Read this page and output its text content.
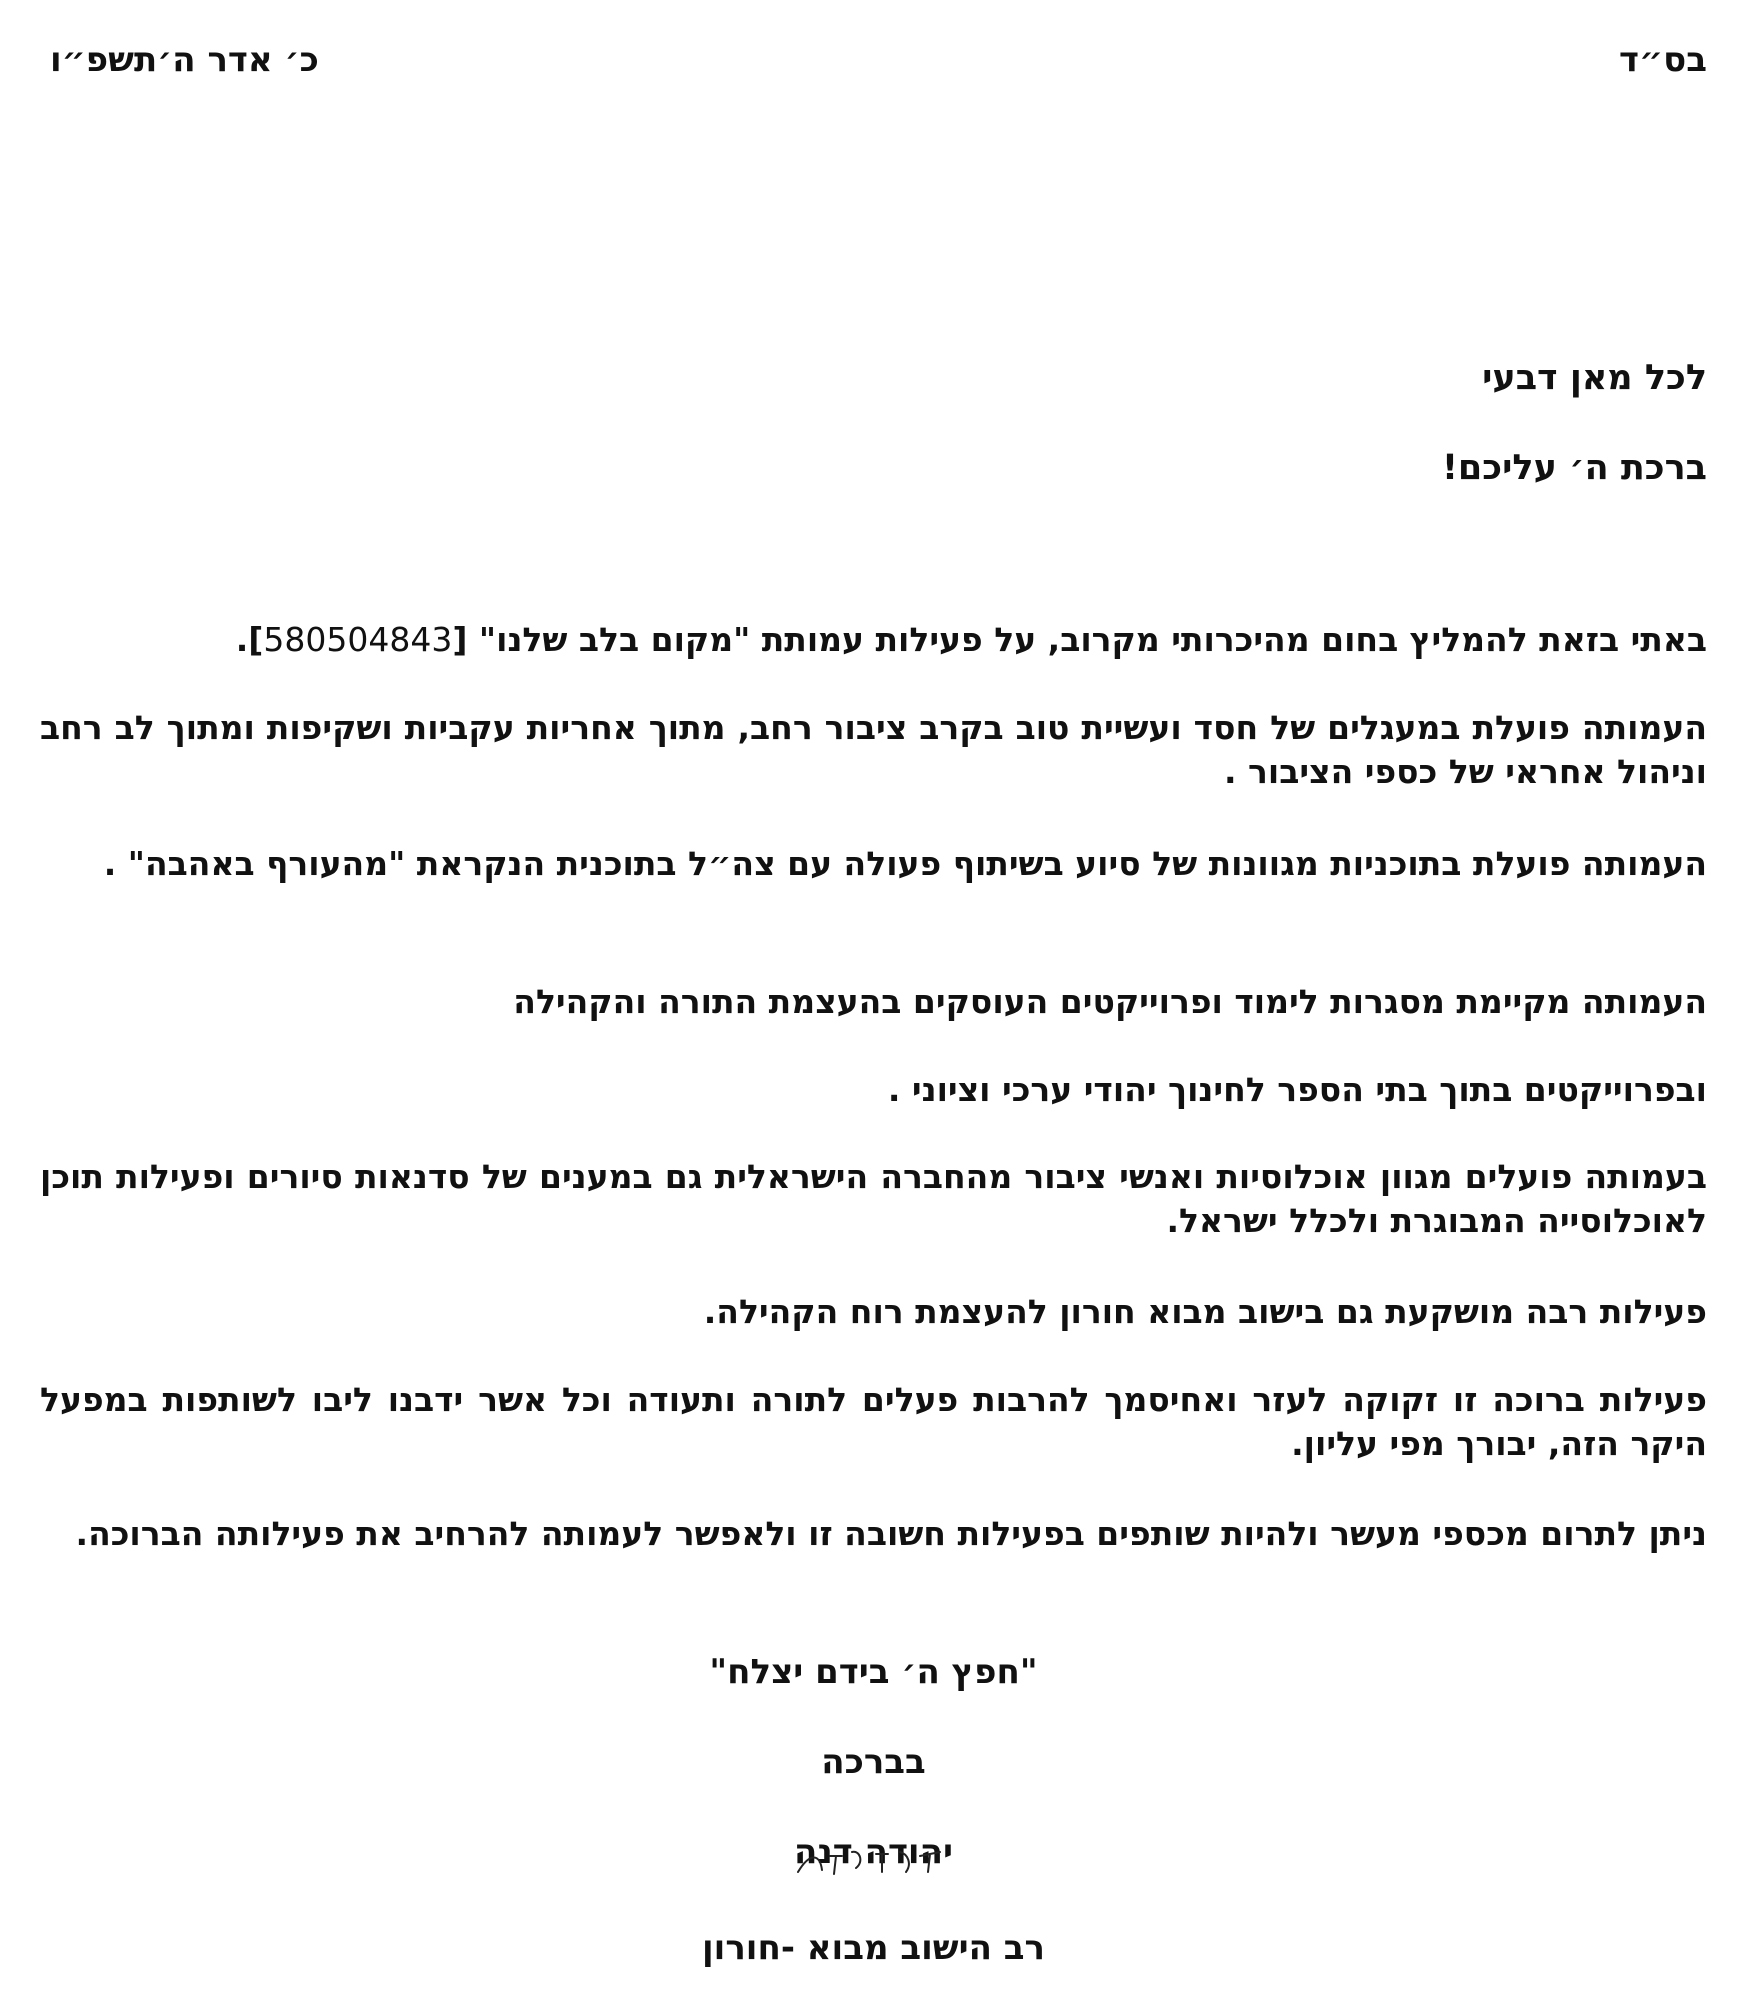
בס״ד
כ׳ אדר ה׳תשפ״ו
לכל מאן דבעי
ברכת ה׳ עליכם!
באתי בזאת להמליץ בחום מהיכרותי מקרוב, על פעילות עמותת "מקום בלב שלנו" [580504843].
העמותה פועלת במעגלים של חסד ועשיית טוב בקרב ציבור רחב, מתוך אחריות עקביות ושקיפות ומתוך לב רחב וניהול אחראי של כספי הציבור .
העמותה פועלת בתוכניות מגוונות של סיוע בשיתוף פעולה עם צה״ל בתוכנית הנקראת "מהעורף באהבה" .
העמותה מקיימת מסגרות לימוד ופרוייקטים העוסקים בהעצמת התורה והקהילה
ובפרוייקטים בתוך בתי הספר לחינוך יהודי ערכי וציוני .
בעמותה פועלים מגוון אוכלוסיות ואנשי ציבור מהחברה הישראלית גם במענים של סדנאות סיורים ופעילות תוכן לאוכלוסייה המבוגרת ולכלל ישראל.
פעילות רבה מושקעת גם בישוב מבוא חורון להעצמת רוח הקהילה.
פעילות ברוכה זו זקוקה לעזר ואחיסמך להרבות פעלים לתורה ותעודה וכל אשר ידבנו ליבו לשותפות במפעל היקר הזה, יבורך מפי עליון.
ניתן לתרום מכספי מעשר ולהיות שותפים בפעילות חשובה זו ולאפשר לעמותה להרחיב את פעילותה הברוכה.
"חפץ ה׳ בידם יצלח"
בברכה
יהודה דנה
רב הישוב מבוא -חורון
